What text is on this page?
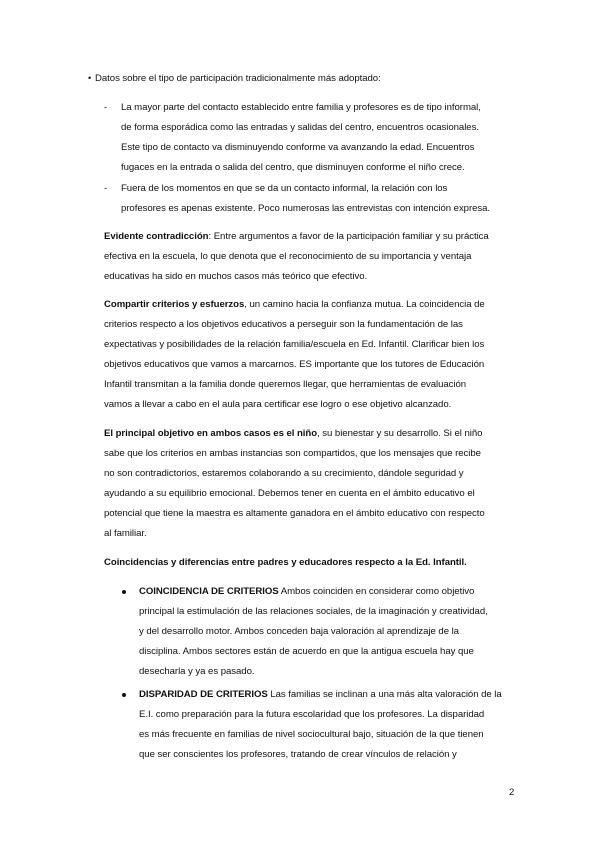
• Datos sobre el tipo de participación tradicionalmente más adoptado:
- La mayor parte del contacto establecido entre familia y profesores es de tipo informal,
de forma esporádica como las entradas y salidas del centro, encuentros ocasionales.
Este tipo de contacto va disminuyendo conforme va avanzando la edad. Encuentros
fugaces en la entrada o salida del centro, que disminuyen conforme el niño crece.
- Fuera de los momentos en que se da un contacto informal, la relación con los
profesores es apenas existente. Poco numerosas las entrevistas con intención expresa.
Evidente contradicción: Entre argumentos a favor de la participación familiar y su práctica
efectiva en la escuela, lo que denota que el reconocimiento de su importancia y ventaja
educativas ha sido en muchos casos más teórico que efectivo.
Compartir criterios y esfuerzos, un camino hacia la confianza mutua. La coincidencia de
criterios respecto a los objetivos educativos a perseguir son la fundamentación de las
expectativas y posibilidades de la relación familia/escuela en Ed. Infantil. Clarificar bien los
objetivos educativos que vamos a marcarnos. ES importante que los tutores de Educación
Infantil transmitan a la familia donde queremos llegar, que herramientas de evaluación
vamos a llevar a cabo en el aula para certificar ese logro o ese objetivo alcanzado.
El principal objetivo en ambos casos es el niño, su bienestar y su desarrollo. Si el niño
sabe que los criterios en ambas instancias son compartidos, que los mensajes que recibe
no son contradictorios, estaremos colaborando a su crecimiento, dándole seguridad y
ayudando a su equilibrio emocional. Debemos tener en cuenta en el ámbito educativo el
potencial que tiene la maestra es altamente ganadora en el ámbito educativo con respecto
al familiar.
Coincidencias y diferencias entre padres y educadores respecto a la Ed. Infantil.
COINCIDENCIA DE CRITERIOS Ambos coinciden en considerar como objetivo
principal la estimulación de las relaciones sociales, de la imaginación y creatividad,
y del desarrollo motor. Ambos conceden baja valoración al aprendizaje de la
disciplina. Ambos sectores están de acuerdo en que la antigua escuela hay que
desecharla y ya es pasado.
DISPARIDAD DE CRITERIOS Las familias se inclinan a una más alta valoración de la
E.I. como preparación para la futura escolaridad que los profesores. La disparidad
es más frecuente en familias de nivel sociocultural bajo, situación de la que tienen
que ser conscientes los profesores, tratando de crear vínculos de relación y
2
